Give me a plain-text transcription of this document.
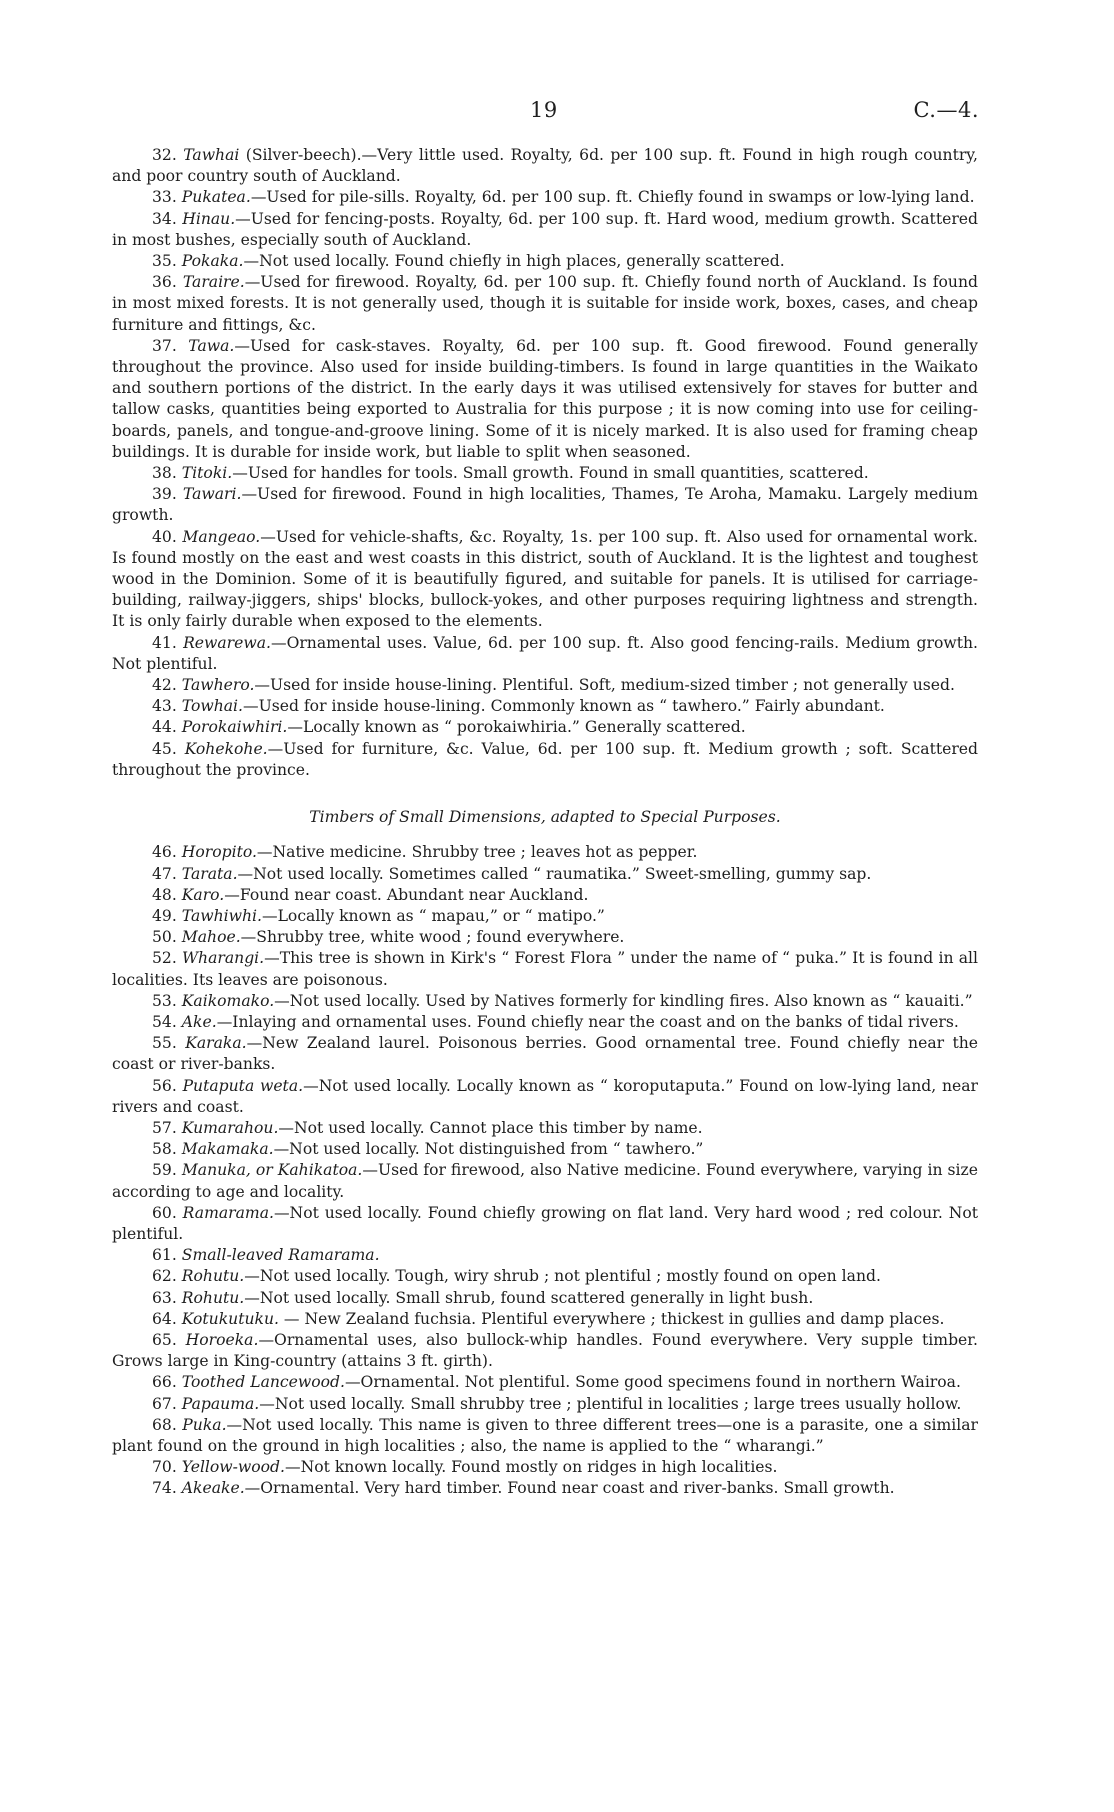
19	C.—4.

32. Tawhai (Silver-beech).—Very little used. Royalty, 6d. per 100 sup. ft. Found in high rough country, and poor country south of Auckland.

33. Pukatea.—Used for pile-sills. Royalty, 6d. per 100 sup. ft. Chiefly found in swamps or low-lying land.

34. Hinau.—Used for fencing-posts. Royalty, 6d. per 100 sup. ft. Hard wood, medium growth. Scattered in most bushes, especially south of Auckland.

35. Pokaka.—Not used locally. Found chiefly in high places, generally scattered.

36. Taraire.—Used for firewood. Royalty, 6d. per 100 sup. ft. Chiefly found north of Auckland. Is found in most mixed forests. It is not generally used, though it is suitable for inside work, boxes, cases, and cheap furniture and fittings, &c.

37. Tawa.—Used for cask-staves. Royalty, 6d. per 100 sup. ft. Good firewood. Found generally throughout the province. Also used for inside building-timbers. Is found in large quantities in the Waikato and southern portions of the district. In the early days it was utilised extensively for staves for butter and tallow casks, quantities being exported to Australia for this purpose ; it is now coming into use for ceiling-boards, panels, and tongue-and-groove lining. Some of it is nicely marked. It is also used for framing cheap buildings. It is durable for inside work, but liable to split when seasoned.

38. Titoki.—Used for handles for tools. Small growth. Found in small quantities, scattered.

39. Tawari.—Used for firewood. Found in high localities, Thames, Te Aroha, Mamaku. Largely medium growth.

40. Mangeao.—Used for vehicle-shafts, &c. Royalty, 1s. per 100 sup. ft. Also used for ornamental work. Is found mostly on the east and west coasts in this district, south of Auckland. It is the lightest and toughest wood in the Dominion. Some of it is beautifully figured, and suitable for panels. It is utilised for carriage-building, railway-jiggers, ships' blocks, bullock-yokes, and other purposes requiring lightness and strength. It is only fairly durable when exposed to the elements.

41. Rewarewa.—Ornamental uses. Value, 6d. per 100 sup. ft. Also good fencing-rails. Medium growth. Not plentiful.

42. Tawhero.—Used for inside house-lining. Plentiful. Soft, medium-sized timber ; not generally used.

43. Towhai.—Used for inside house-lining. Commonly known as “ tawhero.” Fairly abundant.

44. Porokaiwhiri.—Locally known as “ porokaiwhiria.” Generally scattered.

45. Kohekohe.—Used for furniture, &c. Value, 6d. per 100 sup. ft. Medium growth ; soft. Scattered throughout the province.

Timbers of Small Dimensions, adapted to Special Purposes.

46. Horopito.—Native medicine. Shrubby tree ; leaves hot as pepper.

47. Tarata.—Not used locally. Sometimes called “ raumatika.” Sweet-smelling, gummy sap.

48. Karo.—Found near coast. Abundant near Auckland.

49. Tawhiwhi.—Locally known as “ mapau,” or “ matipo.”

50. Mahoe.—Shrubby tree, white wood ; found everywhere.

52. Wharangi.—This tree is shown in Kirk's “ Forest Flora ” under the name of “ puka.” It is found in all localities. Its leaves are poisonous.

53. Kaikomako.—Not used locally. Used by Natives formerly for kindling fires. Also known as “ kauaiti.”

54. Ake.—Inlaying and ornamental uses. Found chiefly near the coast and on the banks of tidal rivers.

55. Karaka.—New Zealand laurel. Poisonous berries. Good ornamental tree. Found chiefly near the coast or river-banks.

56. Putaputa weta.—Not used locally. Locally known as “ koroputaputa.” Found on low-lying land, near rivers and coast.

57. Kumarahou.—Not used locally. Cannot place this timber by name.

58. Makamaka.—Not used locally. Not distinguished from “ tawhero.”

59. Manuka, or Kahikatoa.—Used for firewood, also Native medicine. Found everywhere, varying in size according to age and locality.

60. Ramarama.—Not used locally. Found chiefly growing on flat land. Very hard wood ; red colour. Not plentiful.

61. Small-leaved Ramarama.

62. Rohutu.—Not used locally. Tough, wiry shrub ; not plentiful ; mostly found on open land.

63. Rohutu.—Not used locally. Small shrub, found scattered generally in light bush.

64. Kotukutuku. — New Zealand fuchsia. Plentiful everywhere ; thickest in gullies and damp places.

65. Horoeka.—Ornamental uses, also bullock-whip handles. Found everywhere. Very supple timber. Grows large in King-country (attains 3 ft. girth).

66. Toothed Lancewood.—Ornamental. Not plentiful. Some good specimens found in northern Wairoa.

67. Papauma.—Not used locally. Small shrubby tree ; plentiful in localities ; large trees usually hollow.

68. Puka.—Not used locally. This name is given to three different trees—one is a parasite, one a similar plant found on the ground in high localities ; also, the name is applied to the “ wharangi.”

70. Yellow-wood.—Not known locally. Found mostly on ridges in high localities.

74. Akeake.—Ornamental. Very hard timber. Found near coast and river-banks. Small growth.
